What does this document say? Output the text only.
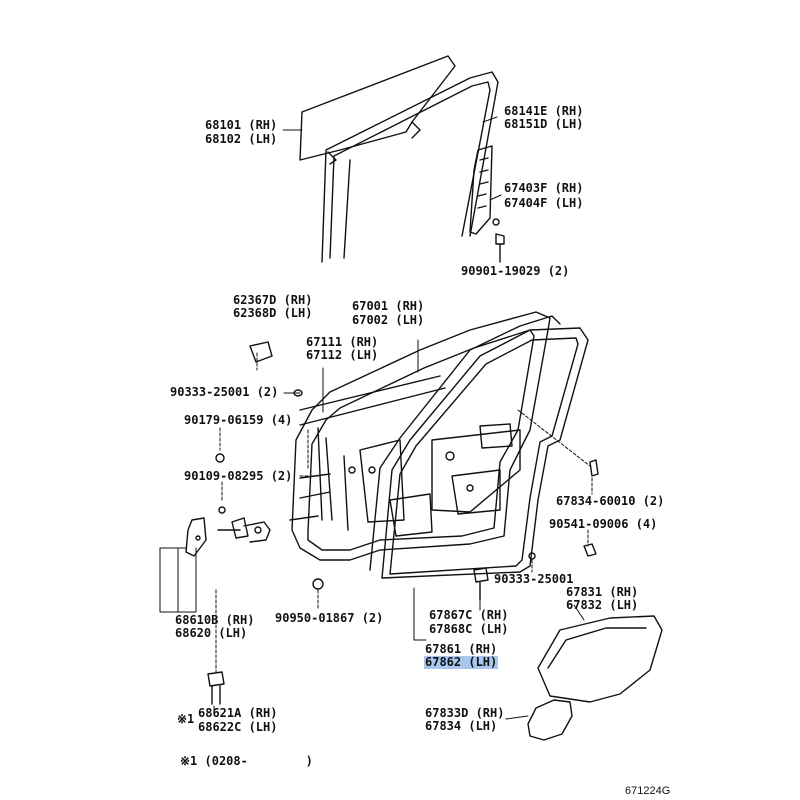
68101 (RH)
68102 (LH)
68141E (RH)
68151D (LH)
67403F (RH)
67404F (LH)
90901-19029 (2)
62367D (RH)
62368D (LH)	67001 (RH)
67002 (LH)
67111 (RH)
67112 (LH)
90333-25001 (2)
90179-06159 (4)
90109-08295 (2)
67834-60010 (2)
90541-09006 (4)
90333-25001
90950-01867 (2)
68610B (RH)
68620 (LH)
67867C (RH)
67868C (LH)
67831 (RH)
67832 (LH)
67861 (RH)
67862 (LH)
※1 68621A (RH)
68622C (LH)
67833D (RH)
67834 (LH)
※1 (0208-        )
671224G
